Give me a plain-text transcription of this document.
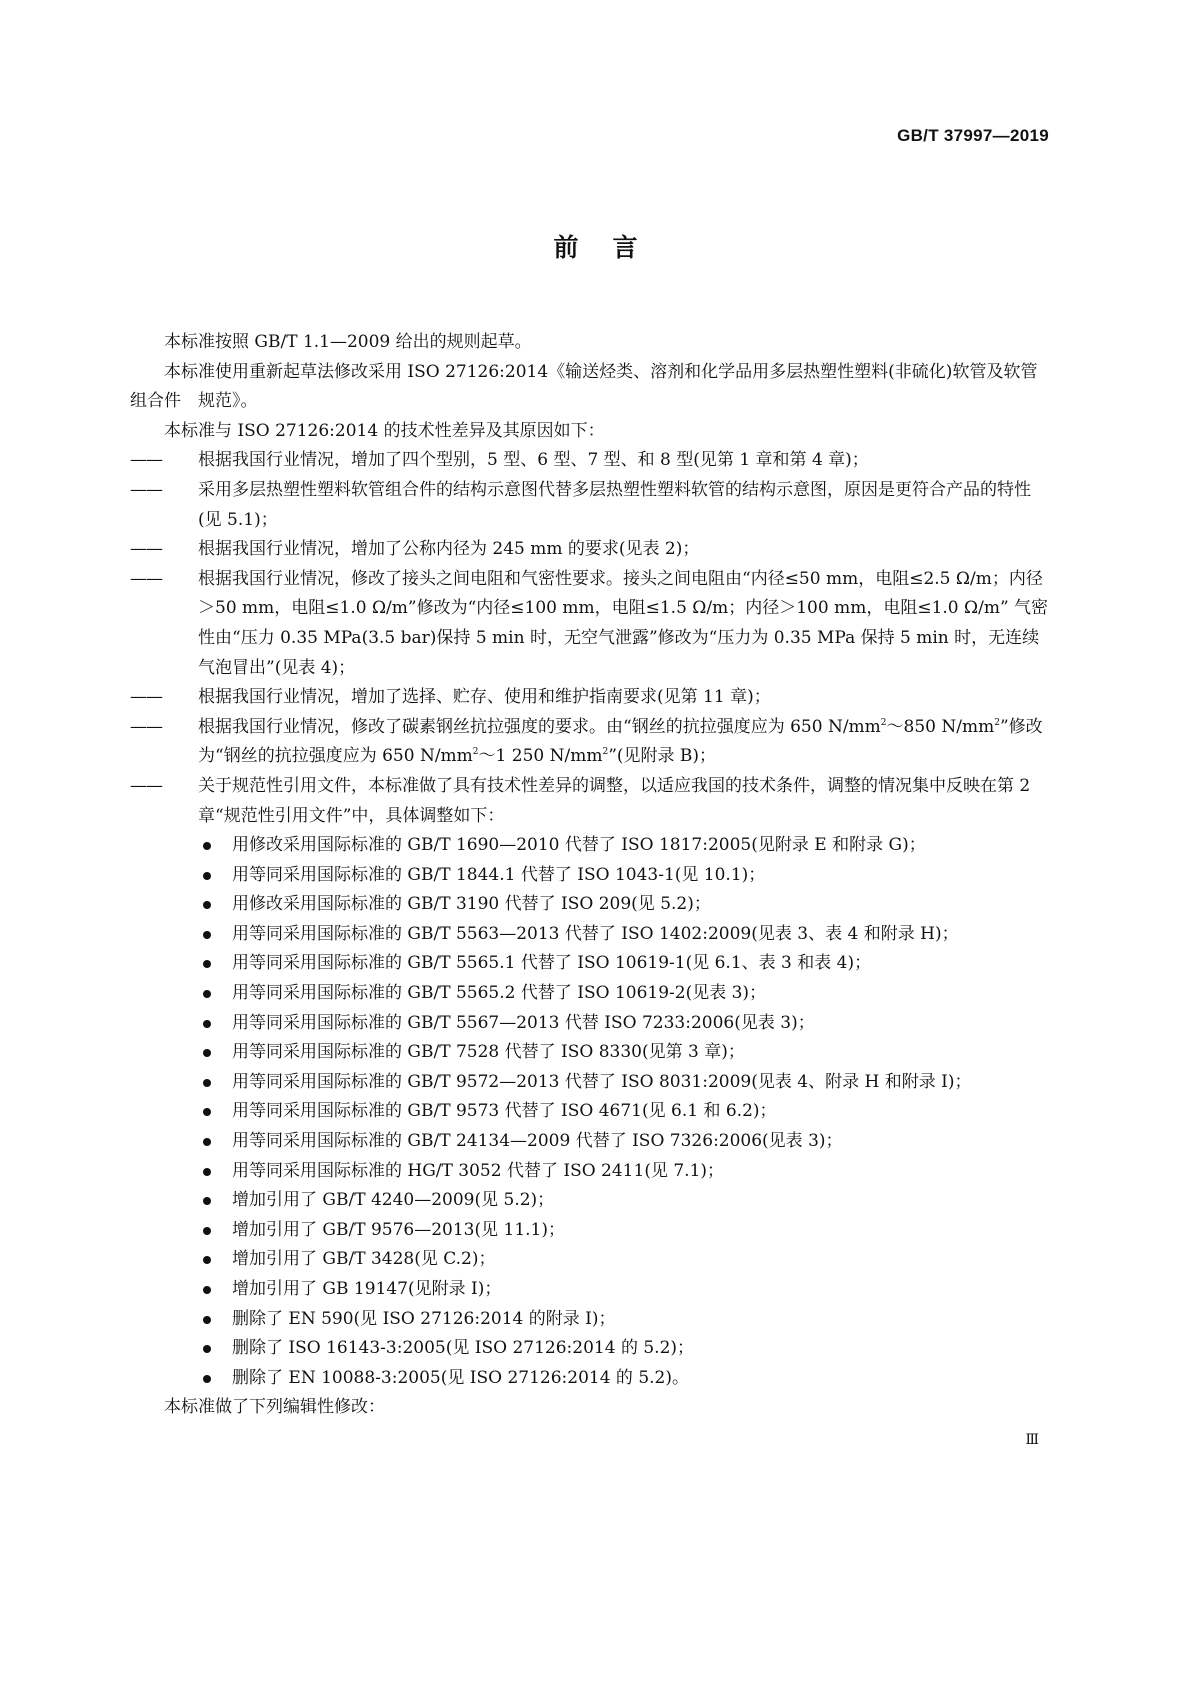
GB/T 37997—2019
前言

本标准按照 GB/T 1.1—2009 给出的规则起草。

本标准使用重新起草法修改采用 ISO 27126:2014《输送烃类、溶剂和化学品用多层热塑性塑料(非硫化)软管及软管组合件　规范》。

本标准与 ISO 27126:2014 的技术性差异及其原因如下：

—— 根据我国行业情况，增加了四个型别，5 型、6 型、7 型、和 8 型(见第 1 章和第 4 章)；

—— 采用多层热塑性塑料软管组合件的结构示意图代替多层热塑性塑料软管的结构示意图，原因是更符合产品的特性(见 5.1)；

—— 根据我国行业情况，增加了公称内径为 245 mm 的要求(见表 2)；

—— 根据我国行业情况，修改了接头之间电阻和气密性要求。接头之间电阻由“内径≤50 mm，电阻≤2.5 Ω/m；内径＞50 mm，电阻≤1.0 Ω/m”修改为“内径≤100 mm，电阻≤1.5 Ω/m；内径＞100 mm，电阻≤1.0 Ω/m” 气密性由“压力 0.35 MPa(3.5 bar)保持 5 min 时，无空气泄露”修改为“压力为 0.35 MPa 保持 5 min 时，无连续气泡冒出”(见表 4)；

—— 根据我国行业情况，增加了选择、贮存、使用和维护指南要求(见第 11 章)；

—— 根据我国行业情况，修改了碳素钢丝抗拉强度的要求。由“钢丝的抗拉强度应为 650 $N/mm^2\sim 850$ $N/mm^2$”修改为“钢丝的抗拉强度应为 650 $N/mm^2\sim 1$ 250 $N/mm^2$”(见附录 B)；

—— 关于规范性引用文件，本标准做了具有技术性差异的调整，以适应我国的技术条件，调整的情况集中反映在第 2 章“规范性引用文件”中，具体调整如下：

用修改采用国际标准的 GB/T 1690—2010 代替了 ISO 1817:2005(见附录 E 和附录 G)；

用等同采用国际标准的 GB/T 1844.1 代替了 ISO 1043-1(见 10.1)；

用修改采用国际标准的 GB/T 3190 代替了 ISO 209(见 5.2)；

用等同采用国际标准的 GB/T 5563—2013 代替了 ISO 1402:2009(见表 3、表 4 和附录 H)；

用等同采用国际标准的 GB/T 5565.1 代替了 ISO 10619-1(见 6.1、表 3 和表 4)；

用等同采用国际标准的 GB/T 5565.2 代替了 ISO 10619-2(见表 3)；

用等同采用国际标准的 GB/T 5567—2013 代替 ISO 7233:2006(见表 3)；

用等同采用国际标准的 GB/T 7528 代替了 ISO 8330(见第 3 章)；

用等同采用国际标准的 GB/T 9572—2013 代替了 ISO 8031:2009(见表 4、附录 H 和附录 I)；

用等同采用国际标准的 GB/T 9573 代替了 ISO 4671(见 6.1 和 6.2)；

用等同采用国际标准的 GB/T 24134—2009 代替了 ISO 7326:2006(见表 3)；

用等同采用国际标准的 HG/T 3052 代替了 ISO 2411(见 7.1)；

增加引用了 GB/T 4240—2009(见 5.2)；

增加引用了 GB/T 9576—2013(见 11.1)；

增加引用了 GB/T 3428(见 C.2)；

增加引用了 GB 19147(见附录 I)；

删除了 EN 590(见 ISO 27126:2014 的附录 I)；

删除了 ISO 16143-3:2005(见 ISO 27126:2014 的 5.2)；

删除了 EN 10088-3:2005(见 ISO 27126:2014 的 5.2)。

本标准做了下列编辑性修改：

Ⅲ
